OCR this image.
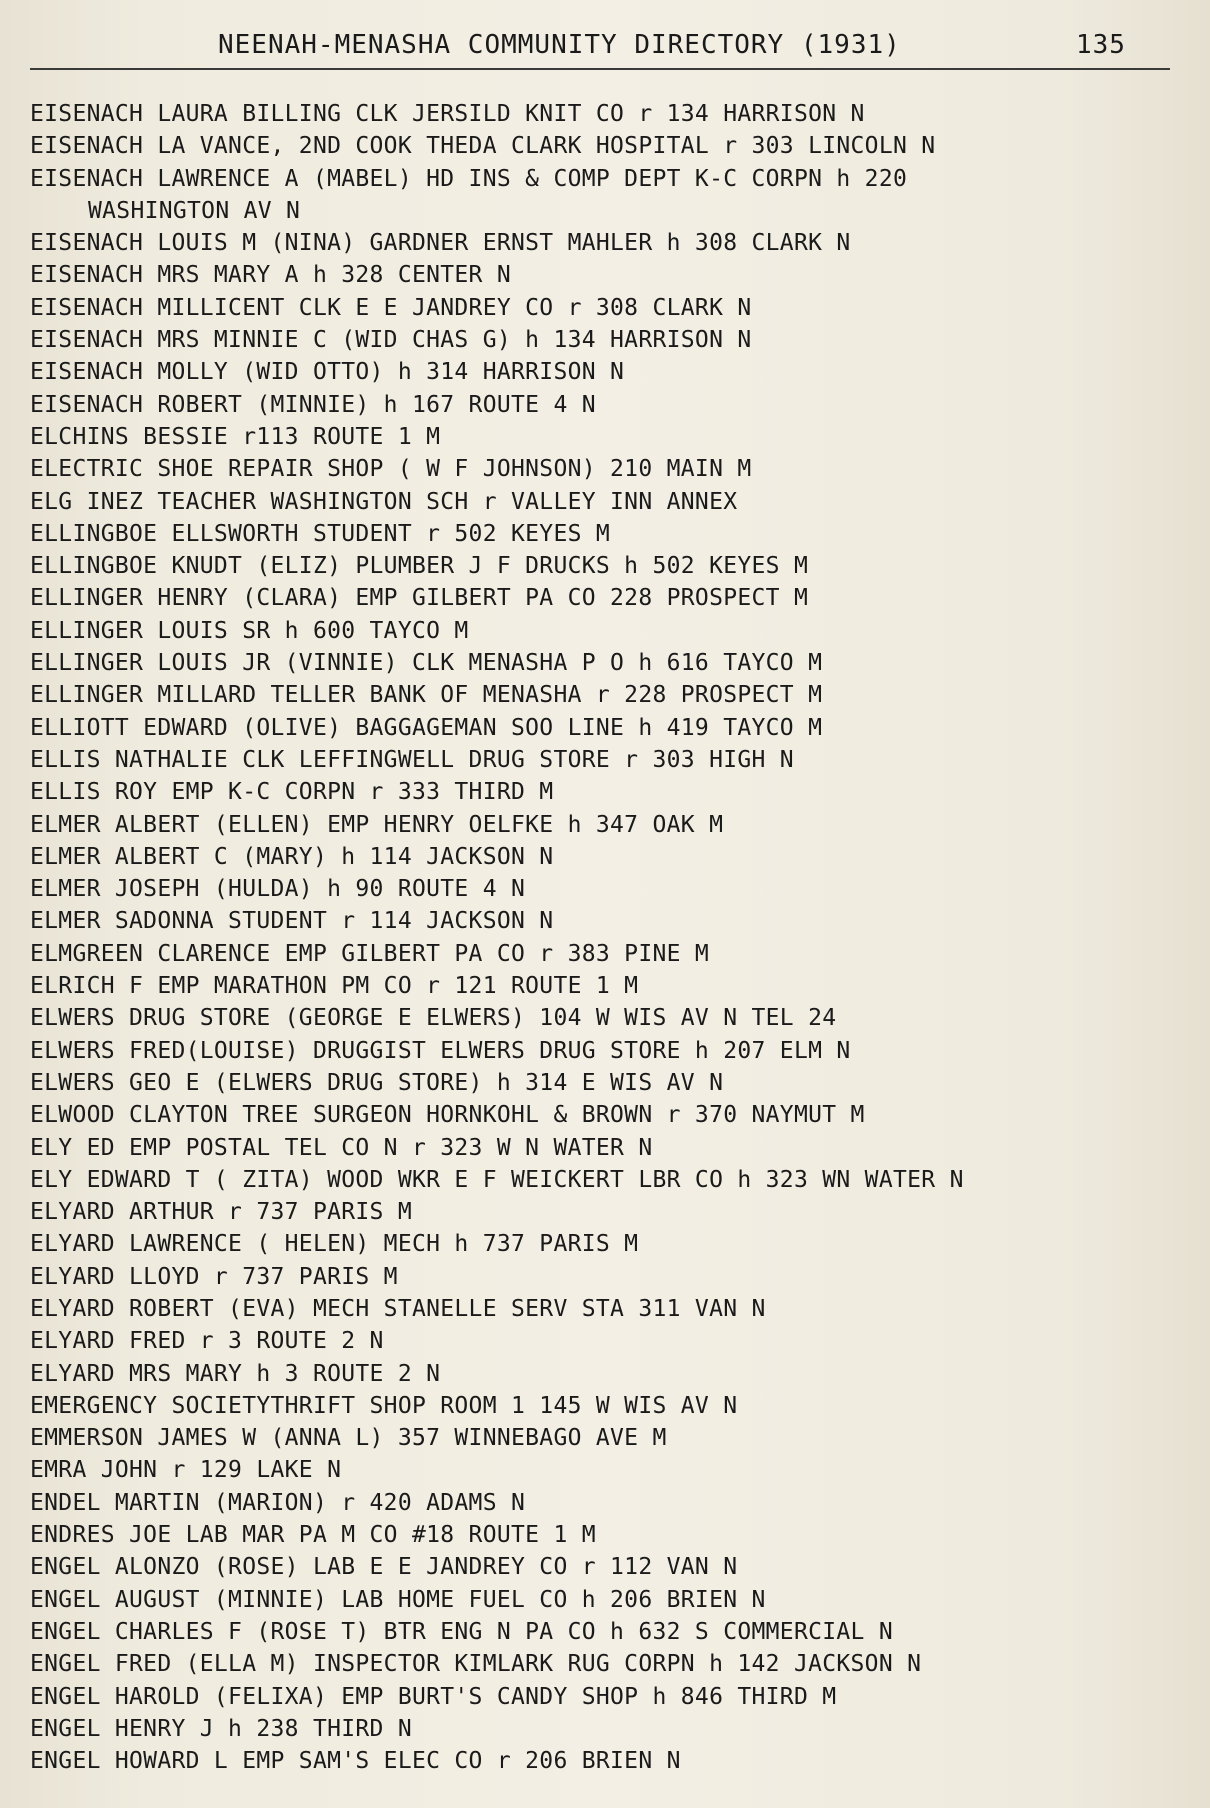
NEENAH-MENASHA COMMUNITY DIRECTORY (1931)	135
EISENACH LAURA BILLING CLK JERSILD KNIT CO r 134 HARRISON N
EISENACH LA VANCE, 2ND COOK THEDA CLARK HOSPITAL r 303 LINCOLN N
EISENACH LAWRENCE A (MABEL) HD INS & COMP DEPT K-C CORPN h 220
WASHINGTON AV N
EISENACH LOUIS M (NINA) GARDNER ERNST MAHLER h 308 CLARK N
EISENACH MRS MARY A h 328 CENTER N
EISENACH MILLICENT CLK E E JANDREY CO r 308 CLARK N
EISENACH MRS MINNIE C (WID CHAS G) h 134 HARRISON N
EISENACH MOLLY (WID OTTO) h 314 HARRISON N
EISENACH ROBERT (MINNIE) h 167 ROUTE 4 N
ELCHINS BESSIE r113 ROUTE 1 M
ELECTRIC SHOE REPAIR SHOP ( W F JOHNSON) 210 MAIN M
ELG INEZ TEACHER WASHINGTON SCH r VALLEY INN ANNEX
ELLINGBOE ELLSWORTH STUDENT r 502 KEYES M
ELLINGBOE KNUDT (ELIZ) PLUMBER J F DRUCKS h 502 KEYES M
ELLINGER HENRY (CLARA) EMP GILBERT PA CO 228 PROSPECT M
ELLINGER LOUIS SR h 600 TAYCO M
ELLINGER LOUIS JR (VINNIE) CLK MENASHA P O h 616 TAYCO M
ELLINGER MILLARD TELLER BANK OF MENASHA r 228 PROSPECT M
ELLIOTT EDWARD (OLIVE) BAGGAGEMAN SOO LINE h 419 TAYCO M
ELLIS NATHALIE CLK LEFFINGWELL DRUG STORE r 303 HIGH N
ELLIS ROY EMP K-C CORPN r 333 THIRD M
ELMER ALBERT (ELLEN) EMP HENRY OELFKE h 347 OAK M
ELMER ALBERT C (MARY) h 114 JACKSON N
ELMER JOSEPH (HULDA) h 90 ROUTE 4 N
ELMER SADONNA STUDENT r 114 JACKSON N
ELMGREEN CLARENCE EMP GILBERT PA CO r 383 PINE M
ELRICH F EMP MARATHON PM CO r 121 ROUTE 1 M
ELWERS DRUG STORE (GEORGE E ELWERS) 104 W WIS AV N TEL 24
ELWERS FRED(LOUISE) DRUGGIST ELWERS DRUG STORE h 207 ELM N
ELWERS GEO E (ELWERS DRUG STORE) h 314 E WIS AV N
ELWOOD CLAYTON TREE SURGEON HORNKOHL & BROWN r 370 NAYMUT M
ELY ED EMP POSTAL TEL CO N r 323 W N WATER N
ELY EDWARD T ( ZITA) WOOD WKR E F WEICKERT LBR CO h 323 WN WATER N
ELYARD ARTHUR r 737 PARIS M
ELYARD LAWRENCE ( HELEN) MECH h 737 PARIS M
ELYARD LLOYD r 737 PARIS M
ELYARD ROBERT (EVA) MECH STANELLE SERV STA 311 VAN N
ELYARD FRED r 3 ROUTE 2 N
ELYARD MRS MARY h 3 ROUTE 2 N
EMERGENCY SOCIETYTHRIFT SHOP ROOM 1 145 W WIS AV N
EMMERSON JAMES W (ANNA L) 357 WINNEBAGO AVE M
EMRA JOHN r 129 LAKE N
ENDEL MARTIN (MARION) r 420 ADAMS N
ENDRES JOE LAB MAR PA M CO #18 ROUTE 1 M
ENGEL ALONZO (ROSE) LAB E E JANDREY CO r 112 VAN N
ENGEL AUGUST (MINNIE) LAB HOME FUEL CO h 206 BRIEN N
ENGEL CHARLES F (ROSE T) BTR ENG N PA CO h 632 S COMMERCIAL N
ENGEL FRED (ELLA M) INSPECTOR KIMLARK RUG CORPN h 142 JACKSON N
ENGEL HAROLD (FELIXA) EMP BURT'S CANDY SHOP h 846 THIRD M
ENGEL HENRY J h 238 THIRD N
ENGEL HOWARD L EMP SAM'S ELEC CO r 206 BRIEN N
